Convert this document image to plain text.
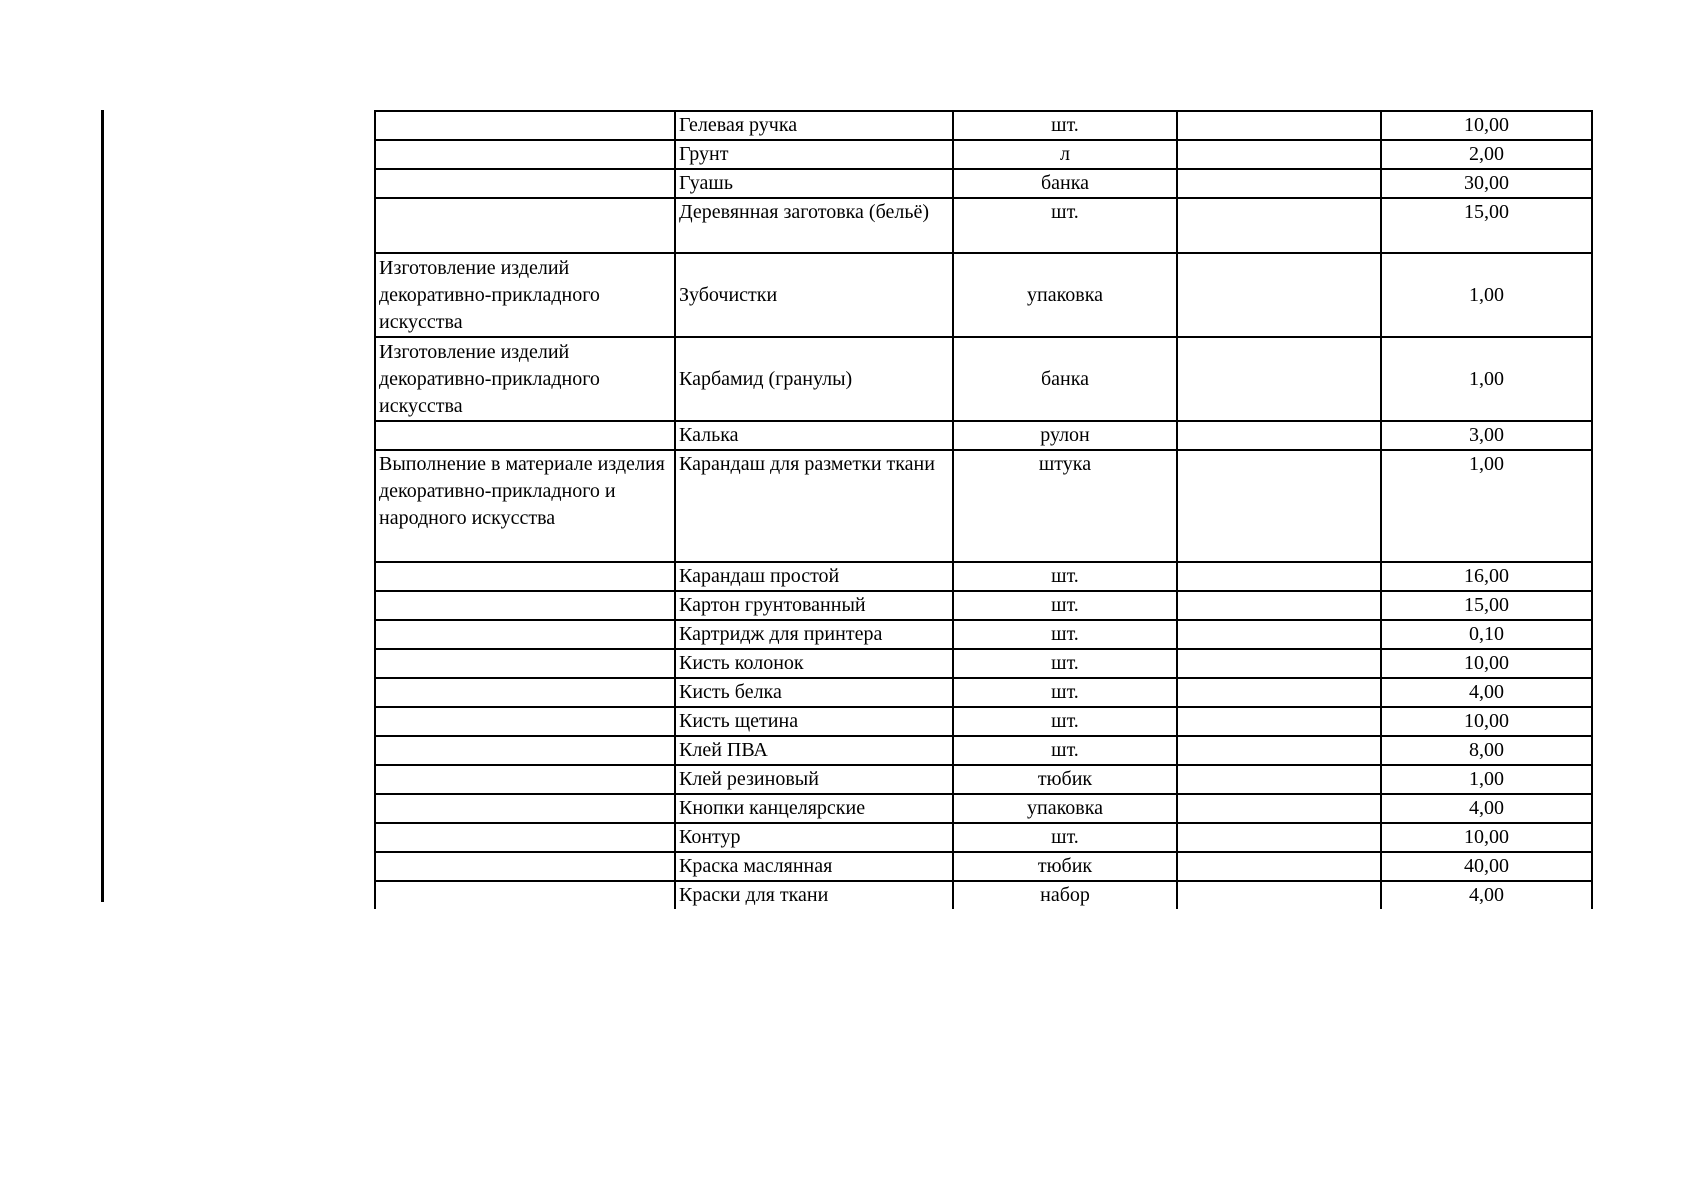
	Гелевая ручка	шт.		10,00
	Грунт	л		2,00
	Гуашь	банка		30,00
	Деревянная заготовка (бельё)	шт.		15,00
Изготовление изделий декоративно-прикладного искусства	Зубочистки	упаковка		1,00
Изготовление изделий декоративно-прикладного искусства	Карбамид (гранулы)	банка		1,00
	Калька	рулон		3,00
Выполнение в материале изделия декоративно-прикладного и народного искусства	Карандаш для разметки ткани	штука		1,00
	Карандаш простой	шт.		16,00
	Картон грунтованный	шт.		15,00
	Картридж для принтера	шт.		0,10
	Кисть колонок	шт.		10,00
	Кисть белка	шт.		4,00
	Кисть щетина	шт.		10,00
	Клей ПВА	шт.		8,00
	Клей резиновый	тюбик		1,00
	Кнопки канцелярские	упаковка		4,00
	Контур	шт.		10,00
	Краска маслянная	тюбик		40,00
	Краски для ткани	набор		4,00
